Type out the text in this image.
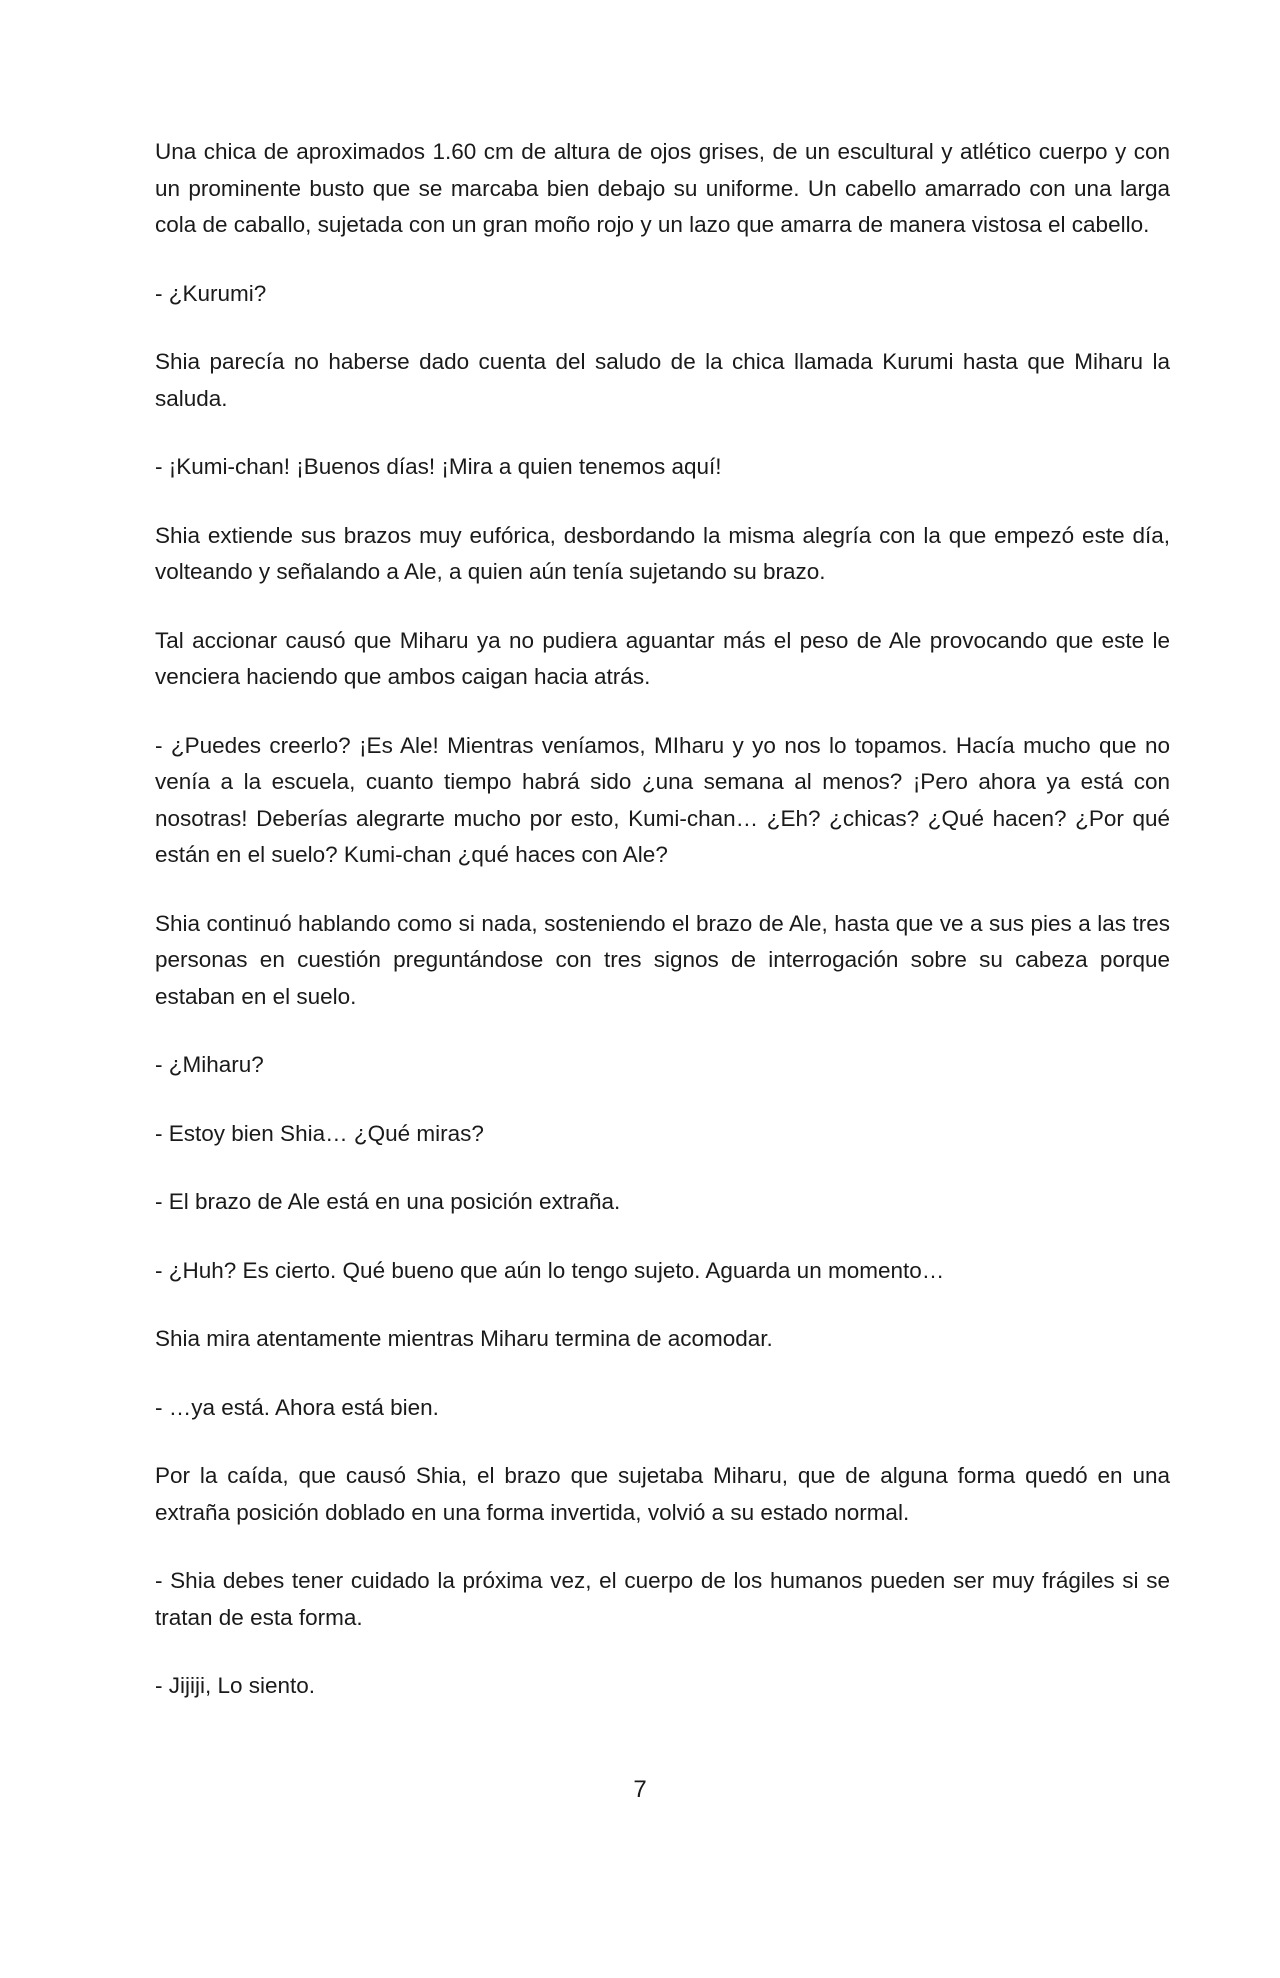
Una chica de aproximados 1.60 cm de altura de ojos grises, de un escultural y atlético cuerpo y con un prominente busto que se marcaba bien debajo su uniforme. Un cabello amarrado con una larga cola de caballo, sujetada con un gran moño rojo y un lazo que amarra de manera vistosa el cabello.

- ¿Kurumi?

Shia parecía no haberse dado cuenta del saludo de la chica llamada Kurumi hasta que Miharu la saluda.

- ¡Kumi-chan! ¡Buenos días! ¡Mira a quien tenemos aquí!

Shia extiende sus brazos muy eufórica, desbordando la misma alegría con la que empezó este día, volteando y señalando a Ale, a quien aún tenía sujetando su brazo.

Tal accionar causó que Miharu ya no pudiera aguantar más el peso de Ale provocando que este le venciera haciendo que ambos caigan hacia atrás.

- ¿Puedes creerlo? ¡Es Ale! Mientras veníamos, MIharu y yo nos lo topamos. Hacía mucho que no venía a la escuela, cuanto tiempo habrá sido ¿una semana al menos? ¡Pero ahora ya está con nosotras! Deberías alegrarte mucho por esto, Kumi-chan… ¿Eh? ¿chicas? ¿Qué hacen? ¿Por qué están en el suelo? Kumi-chan ¿qué haces con Ale?

Shia continuó hablando como si nada, sosteniendo el brazo de Ale, hasta que ve a sus pies a las tres personas en cuestión preguntándose con tres signos de interrogación sobre su cabeza porque estaban en el suelo.

- ¿Miharu?

- Estoy bien Shia… ¿Qué miras?

- El brazo de Ale está en una posición extraña.

- ¿Huh? Es cierto. Qué bueno que aún lo tengo sujeto. Aguarda un momento…

Shia mira atentamente mientras Miharu termina de acomodar.

- …ya está. Ahora está bien.

Por la caída, que causó Shia, el brazo que sujetaba Miharu, que de alguna forma quedó en una extraña posición doblado en una forma invertida, volvió a su estado normal.

- Shia debes tener cuidado la próxima vez, el cuerpo de los humanos pueden ser muy frágiles si se tratan de esta forma.

- Jijiji, Lo siento.

7
